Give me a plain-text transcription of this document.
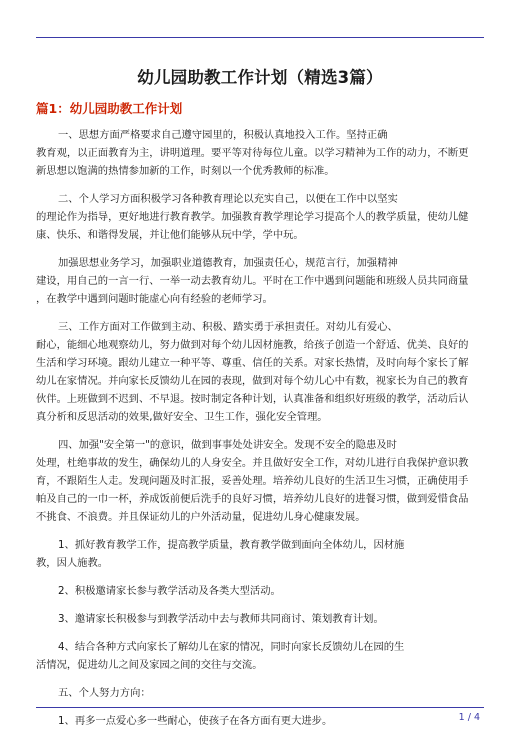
幼儿园助教工作计划（精选3篇）
篇1：幼儿园助教工作计划
一、思想方面严格要求自己遵守园里的，积极认真地投入工作。坚持正确
教育观，以正面教育为主，讲明道理。要平等对待每位儿童。以学习精神为工作的动力，不断更
新思想以饱满的热情参加新的工作，时刻以一个优秀教师的标准。
二、个人学习方面积极学习各种教育理论以充实自己，以便在工作中以坚实
的理论作为指导，更好地进行教育教学。加强教育教学理论学习提高个人的教学质量，使幼儿健
康、快乐、和谐得发展，并让他们能够从玩中学，学中玩。
加强思想业务学习，加强职业道德教育，加强责任心，规范言行，加强精神
建设，用自己的一言一行、一举一动去教育幼儿。平时在工作中遇到问题能和班级人员共同商量
，在教学中遇到问题时能虚心向有经验的老师学习。
三、工作方面对工作做到主动、积极、踏实勇于承担责任。对幼儿有爱心、
耐心，能细心地观察幼儿，努力做到对每个幼儿因材施教，给孩子创造一个舒适、优美、良好的
生活和学习环境。跟幼儿建立一种平等、尊重、信任的关系。对家长热情，及时向每个家长了解
幼儿在家情况。并向家长反馈幼儿在园的表现，做到对每个幼儿心中有数，视家长为自己的教育
伙伴。上班做到不迟到、不早退。按时制定各种计划，认真准备和组织好班级的教学，活动后认
真分析和反思活动的效果,做好安全、卫生工作，强化安全管理。
四、加强"安全第一"的意识，做到事事处处讲安全。发现不安全的隐患及时
处理，杜绝事故的发生，确保幼儿的人身安全。并且做好安全工作，对幼儿进行自我保护意识教
育，不跟陌生人走。发现问题及时汇报，妥善处理。培养幼儿良好的生活卫生习惯，正确使用手
帕及自己的一巾一杯，养成饭前便后洗手的良好习惯，培养幼儿良好的进餐习惯，做到爱惜食品
不挑食、不浪费。并且保证幼儿的户外活动量，促进幼儿身心健康发展。
1、抓好教育教学工作，提高教学质量，教育教学做到面向全体幼儿，因材施
教，因人施教。
2、积极邀请家长参与教学活动及各类大型活动。
3、邀请家长积极参与到教学活动中去与教师共同商讨、策划教育计划。
4、结合各种方式向家长了解幼儿在家的情况，同时向家长反馈幼儿在园的生
活情况，促进幼儿之间及家园之间的交往与交流。
五、个人努力方向：
1、再多一点爱心多一些耐心，使孩子在各方面有更大进步。	1 / 4
